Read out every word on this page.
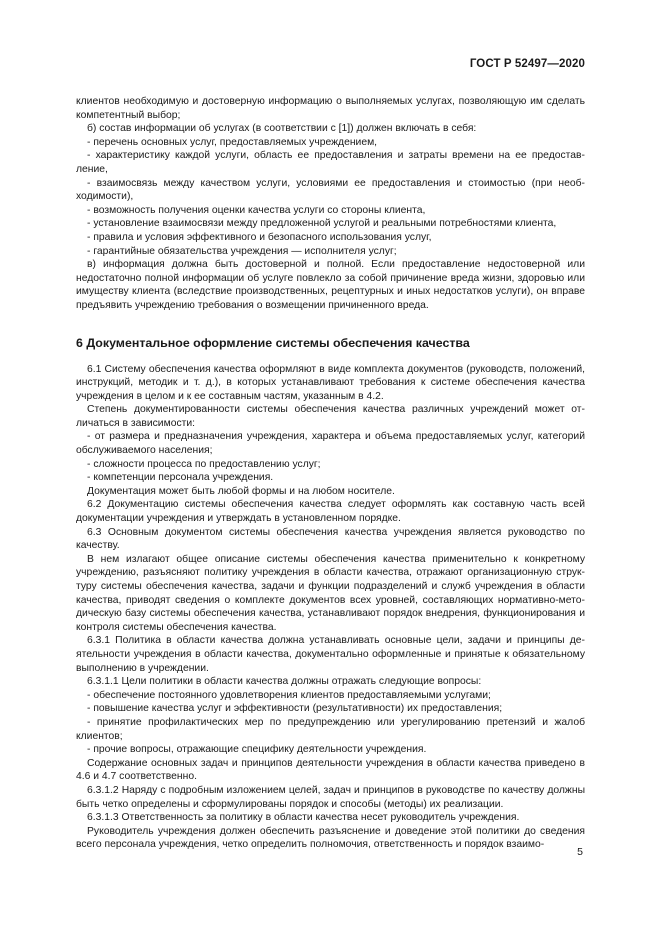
ГОСТ Р 52497—2020

клиентов необходимую и достоверную информацию о выполняемых услугах, позволяющую им сделать компетентный выбор;

б) состав информации об услугах (в соответствии с [1]) должен включать в себя:

- перечень основных услуг, предоставляемых учреждением,

- характеристику каждой услуги, область ее предоставления и затраты времени на ее предоставление,

- взаимосвязь между качеством услуги, условиями ее предоставления и стоимостью (при необходимости),

- возможность получения оценки качества услуги со стороны клиента,

- установление взаимосвязи между предложенной услугой и реальными потребностями клиента,

- правила и условия эффективного и безопасного использования услуг,

- гарантийные обязательства учреждения — исполнителя услуг;

в) информация должна быть достоверной и полной. Если предоставление недостоверной или недостаточно полной информации об услуге повлекло за собой причинение вреда жизни, здоровью или имуществу клиента (вследствие производственных, рецептурных и иных недостатков услуги), он вправе предъявить учреждению требования о возмещении причиненного вреда.

6 Документальное оформление системы обеспечения качества

6.1 Систему обеспечения качества оформляют в виде комплекта документов (руководств, положений, инструкций, методик и т. д.), в которых устанавливают требования к системе обеспечения качества учреждения в целом и к ее составным частям, указанным в 4.2.

Степень документированности системы обеспечения качества различных учреждений может отличаться в зависимости:

- от размера и предназначения учреждения, характера и объема предоставляемых услуг, категорий обслуживаемого населения;

- сложности процесса по предоставлению услуг;

- компетенции персонала учреждения.

Документация может быть любой формы и на любом носителе.

6.2 Документацию системы обеспечения качества следует оформлять как составную часть всей документации учреждения и утверждать в установленном порядке.

6.3 Основным документом системы обеспечения качества учреждения является руководство по качеству.

В нем излагают общее описание системы обеспечения качества применительно к конкретному учреждению, разъясняют политику учреждения в области качества, отражают организационную структуру системы обеспечения качества, задачи и функции подразделений и служб учреждения в области качества, приводят сведения о комплекте документов всех уровней, составляющих нормативно-методическую базу системы обеспечения качества, устанавливают порядок внедрения, функционирования и контроля системы обеспечения качества.

6.3.1 Политика в области качества должна устанавливать основные цели, задачи и принципы деятельности учреждения в области качества, документально оформленные и принятые к обязательному выполнению в учреждении.

6.3.1.1 Цели политики в области качества должны отражать следующие вопросы:

- обеспечение постоянного удовлетворения клиентов предоставляемыми услугами;

- повышение качества услуг и эффективности (результативности) их предоставления;

- принятие профилактических мер по предупреждению или урегулированию претензий и жалоб клиентов;

- прочие вопросы, отражающие специфику деятельности учреждения.

Содержание основных задач и принципов деятельности учреждения в области качества приведено в 4.6 и 4.7 соответственно.

6.3.1.2 Наряду с подробным изложением целей, задач и принципов в руководстве по качеству должны быть четко определены и сформулированы порядок и способы (методы) их реализации.

6.3.1.3 Ответственность за политику в области качества несет руководитель учреждения.

Руководитель учреждения должен обеспечить разъяснение и доведение этой политики до сведения всего персонала учреждения, четко определить полномочия, ответственность и порядок взаимо-

5
